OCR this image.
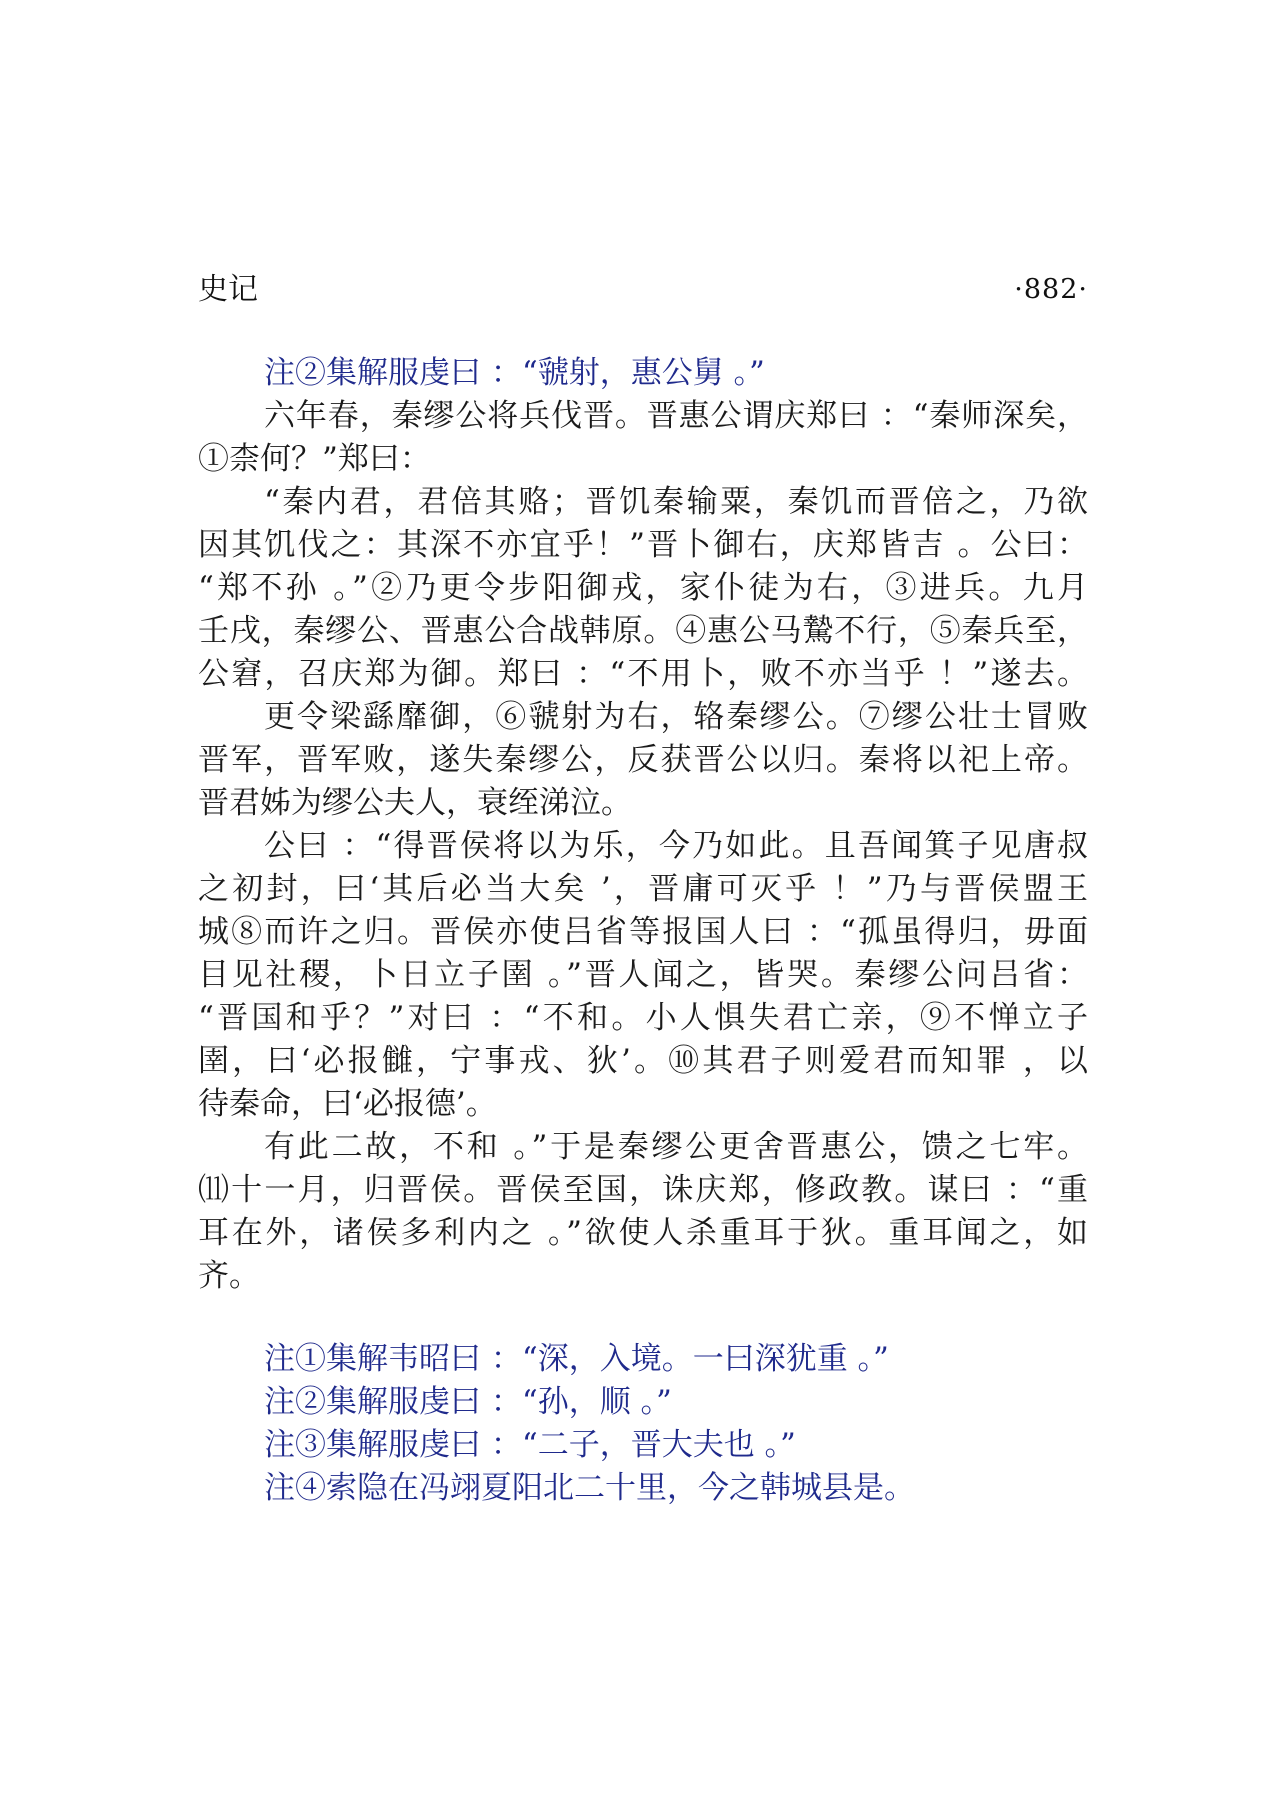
史记	·882·
注②集解服虔曰 ：“虢射，惠公舅 。”
六年春，秦缪公将兵伐晋。晋惠公谓庆郑曰 ：“秦师深矣，
①柰何？”郑曰：
“秦内君，君倍其赂；晋饥秦输粟，秦饥而晋倍之，乃欲
因其饥伐之：其深不亦宜乎！”晋卜御右，庆郑皆吉 。公曰：
“郑不孙 。”②乃更令步阳御戎，家仆徒为右，③进兵。九月
壬戌，秦缪公、晋惠公合战韩原。④惠公马騺不行，⑤秦兵至，
公窘，召庆郑为御。郑曰 ：“不用卜，败不亦当乎 ！”遂去。
更令梁繇靡御，⑥虢射为右，辂秦缪公。⑦缪公壮士冒败
晋军，晋军败，遂失秦缪公，反获晋公以归。秦将以祀上帝。
晋君姊为缪公夫人，衰绖涕泣。
公曰 ：“得晋侯将以为乐，今乃如此。且吾闻箕子见唐叔
之初封，曰‘其后必当大矣 ’，晋庸可灭乎 ！”乃与晋侯盟王
城⑧而许之归。晋侯亦使吕省等报国人曰 ：“孤虽得归，毋面
目见社稷，卜日立子圉 。”晋人闻之，皆哭。秦缪公问吕省：
“晋国和乎？”对曰 ：“不和。小人惧失君亡亲，⑨不惮立子
圉，曰‘必报雠，宁事戎、狄’。⑩其君子则爱君而知罪 ，以
待秦命，曰‘必报德’。
有此二故，不和 。”于是秦缪公更舍晋惠公，馈之七牢。
⑾十一月，归晋侯。晋侯至国，诛庆郑，修政教。谋曰 ：“重
耳在外，诸侯多利内之 。”欲使人杀重耳于狄。重耳闻之，如
齐。
注①集解韦昭曰 ：“深，入境。一曰深犹重 。”
注②集解服虔曰 ：“孙，顺 。”
注③集解服虔曰 ：“二子，晋大夫也 。”
注④索隐在冯翊夏阳北二十里，今之韩城县是。
